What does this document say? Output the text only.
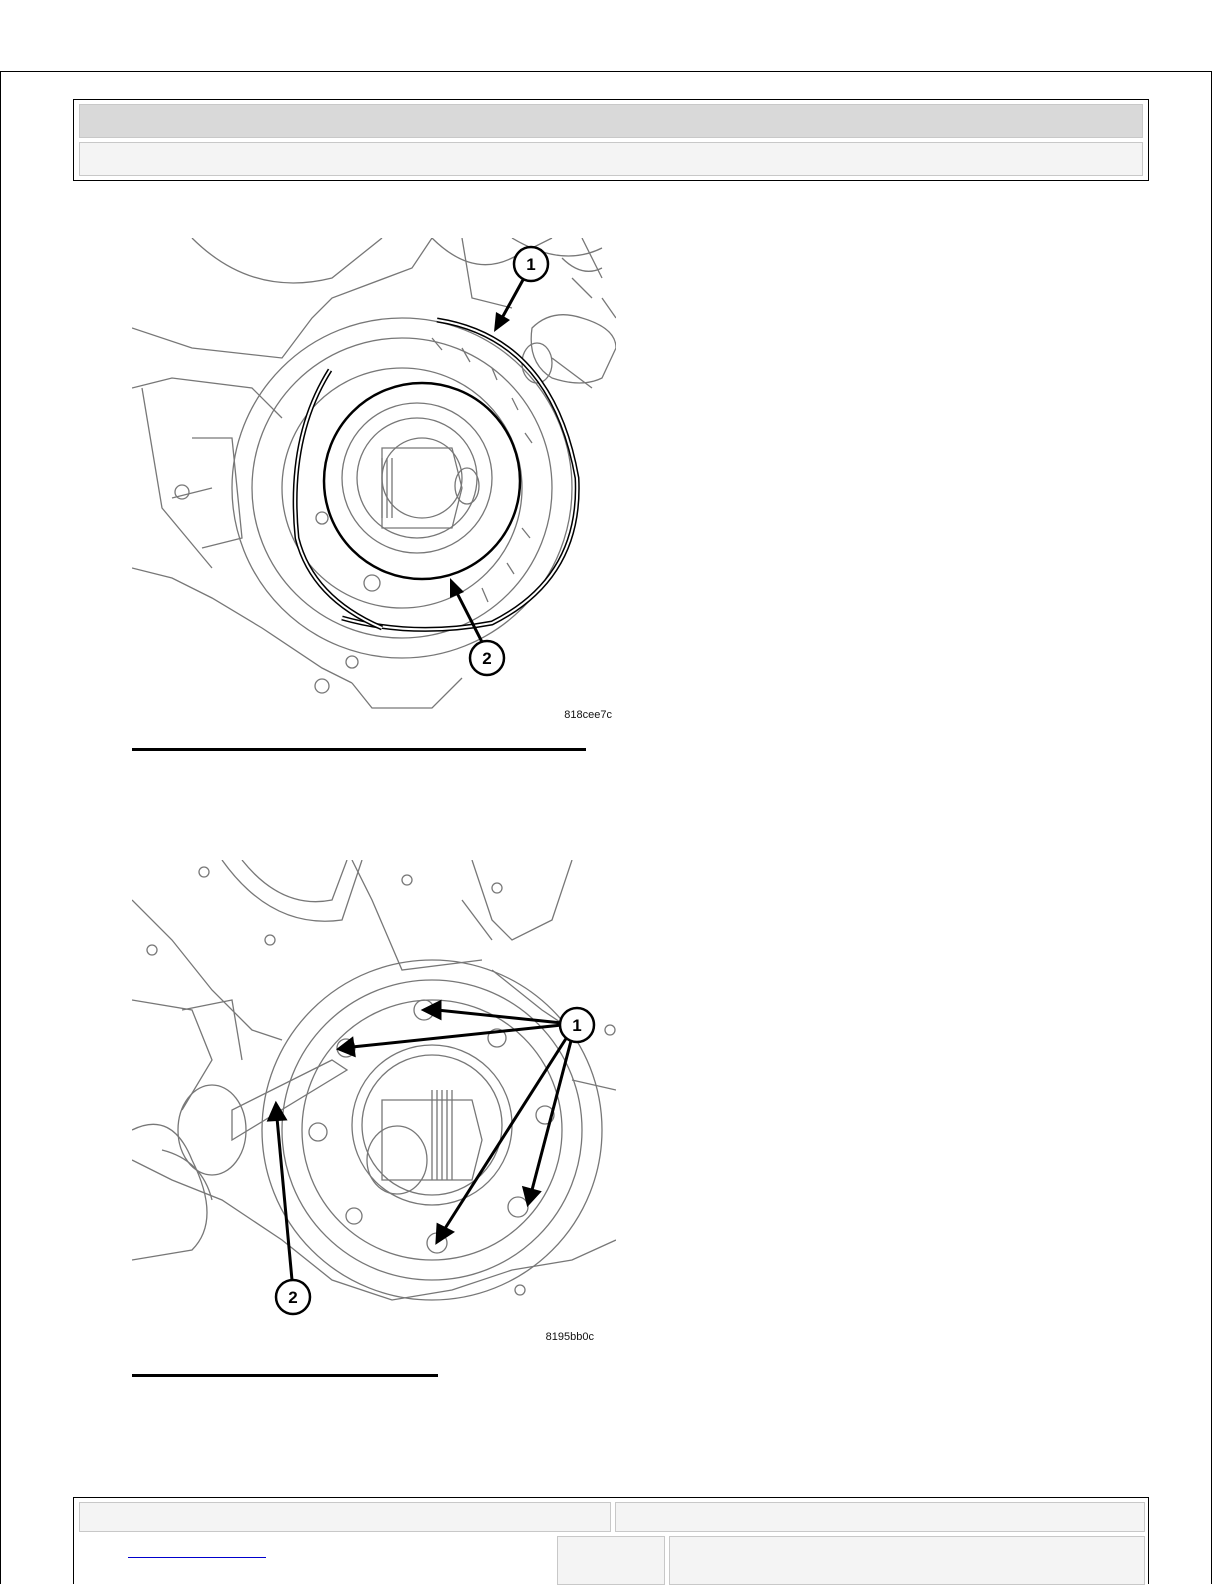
1
2
818cee7c
1
2
8195bb0c
